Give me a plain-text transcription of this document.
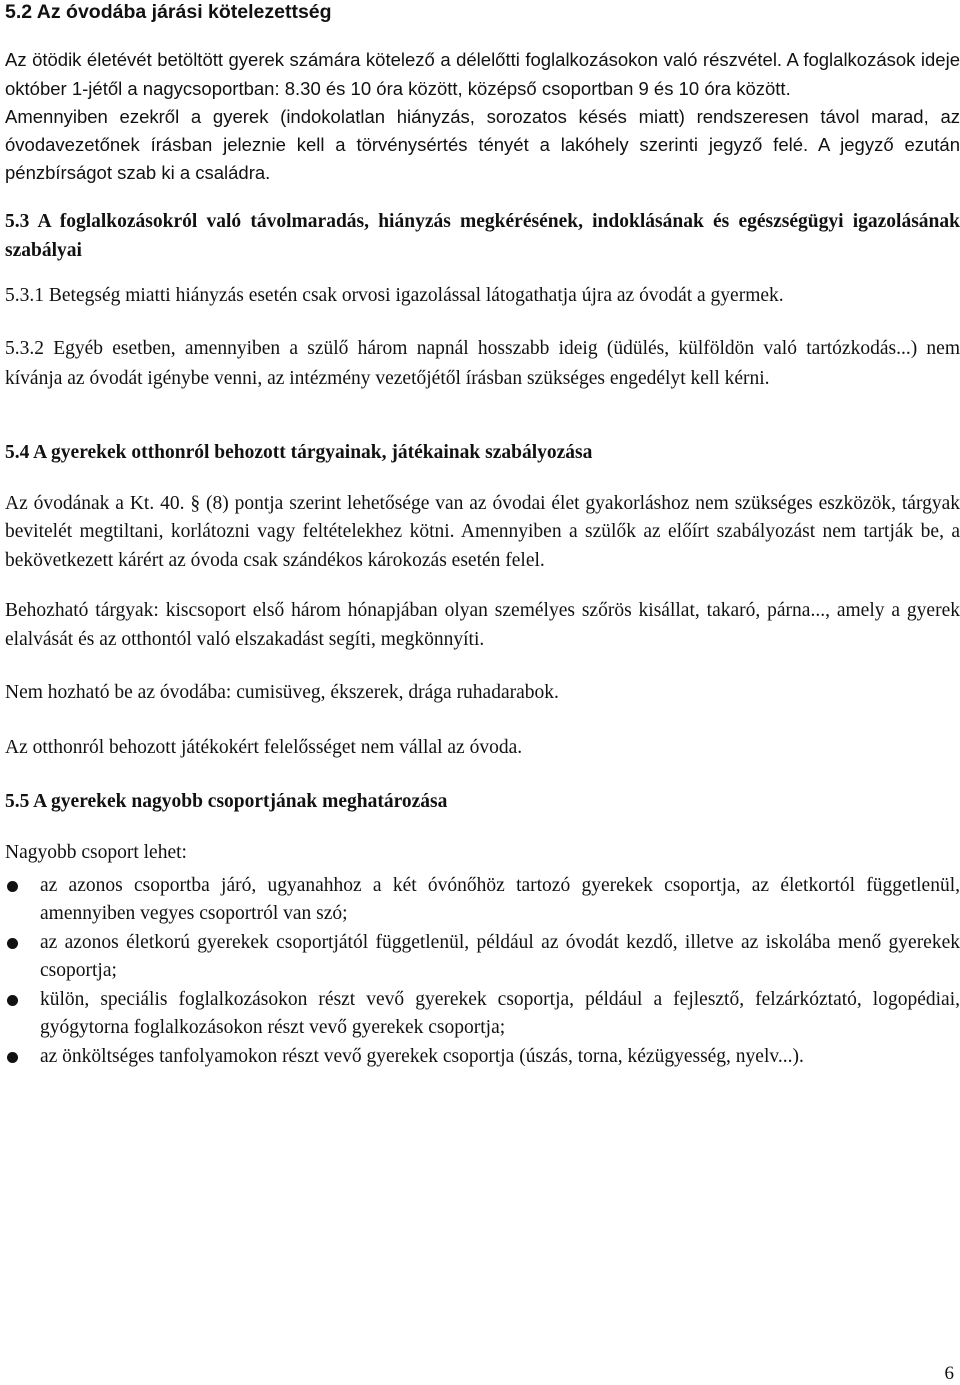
5.2 Az óvodába járási kötelezettség

Az ötödik életévét betöltött gyerek számára kötelező a délelőtti foglalkozásokon való részvétel. A foglalkozások ideje október 1-jétől a nagycsoportban: 8.30 és 10 óra között, középső csoportban 9 és 10 óra között.

Amennyiben ezekről a gyerek (indokolatlan hiányzás, sorozatos késés miatt) rendszeresen távol marad, az óvodavezetőnek írásban jeleznie kell a törvénysértés tényét a lakóhely szerinti jegyző felé. A jegyző ezután pénzbírságot szab ki a családra.

5.3 A foglalkozásokról való távolmaradás, hiányzás megkérésének, indoklásának és egészségügyi igazolásának szabályai

5.3.1 Betegség miatti hiányzás esetén csak orvosi igazolással látogathatja újra az óvodát a gyermek.

5.3.2 Egyéb esetben, amennyiben a szülő három napnál hosszabb ideig (üdülés, külföldön való tartózkodás...) nem kívánja az óvodát igénybe venni, az intézmény vezetőjétől írásban szükséges engedélyt kell kérni.

5.4 A gyerekek otthonról behozott tárgyainak, játékainak szabályozása

Az óvodának a Kt. 40. § (8) pontja szerint lehetősége van az óvodai élet gyakorláshoz nem szükséges eszközök, tárgyak bevitelét megtiltani, korlátozni vagy feltételekhez kötni. Amennyiben a szülők az előírt szabályozást nem tartják be, a bekövetkezett kárért az óvoda csak szándékos károkozás esetén felel.

Behozható tárgyak: kiscsoport első három hónapjában olyan személyes szőrös kisállat, takaró, párna..., amely a gyerek elalvását és az otthontól való elszakadást segíti, megkönnyíti.

Nem hozható be az óvodába: cumisüveg, ékszerek, drága ruhadarabok.

Az otthonról behozott játékokért felelősséget nem vállal az óvoda.

5.5 A gyerekek nagyobb csoportjának meghatározása

Nagyobb csoport lehet:

az azonos csoportba járó, ugyanahhoz a két óvónőhöz tartozó gyerekek csoportja, az életkortól függetlenül, amennyiben vegyes csoportról van szó;
az azonos életkorú gyerekek csoportjától függetlenül, például az óvodát kezdő, illetve az iskolába menő gyerekek csoportja;
külön, speciális foglalkozásokon részt vevő gyerekek csoportja, például a fejlesztő, felzárkóztató, logopédiai, gyógytorna foglalkozásokon részt vevő gyerekek csoportja;
az önköltséges tanfolyamokon részt vevő gyerekek csoportja (úszás, torna, kézügyesség, nyelv...).
6
